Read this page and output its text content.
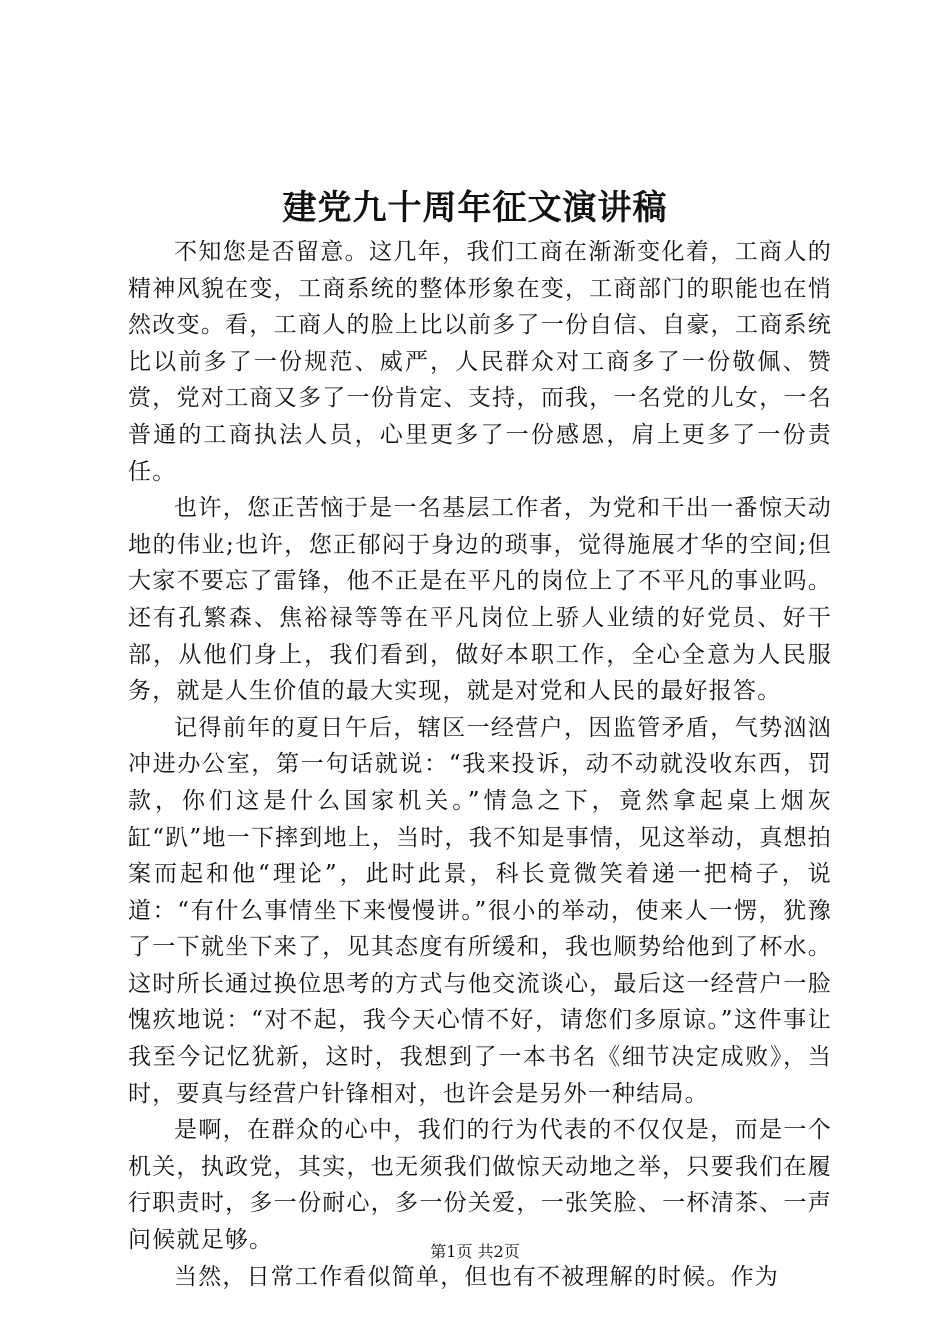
建党九十周年征文演讲稿

不知您是否留意。这几年，我们工商在渐渐变化着，工商人的精神风貌在变，工商系统的整体形象在变，工商部门的职能也在悄然改变。看，工商人的脸上比以前多了一份自信、自豪，工商系统比以前多了一份规范、威严，人民群众对工商多了一份敬佩、赞赏，党对工商又多了一份肯定、支持，而我，一名党的儿女，一名普通的工商执法人员，心里更多了一份感恩，肩上更多了一份责任。

也许，您正苦恼于是一名基层工作者，为党和干出一番惊天动地的伟业;也许，您正郁闷于身边的琐事，觉得施展才华的空间;但大家不要忘了雷锋，他不正是在平凡的岗位上了不平凡的事业吗。还有孔繁森、焦裕禄等等在平凡岗位上骄人业绩的好党员、好干部，从他们身上，我们看到，做好本职工作，全心全意为人民服务，就是人生价值的最大实现，就是对党和人民的最好报答。

记得前年的夏日午后，辖区一经营户，因监管矛盾，气势汹汹冲进办公室，第一句话就说：“我来投诉，动不动就没收东西，罚款，你们这是什么国家机关。”情急之下，竟然拿起桌上烟灰缸“趴”地一下摔到地上，当时，我不知是事情，见这举动，真想拍案而起和他“理论”，此时此景，科长竟微笑着递一把椅子，说道：“有什么事情坐下来慢慢讲。”很小的举动，使来人一愣，犹豫了一下就坐下来了，见其态度有所缓和，我也顺势给他到了杯水。这时所长通过换位思考的方式与他交流谈心，最后这一经营户一脸愧疚地说：“对不起，我今天心情不好，请您们多原谅。”这件事让我至今记忆犹新，这时，我想到了一本书名《细节决定成败》，当时，要真与经营户针锋相对，也许会是另外一种结局。

是啊，在群众的心中，我们的行为代表的不仅仅是，而是一个机关，执政党，其实，也无须我们做惊天动地之举，只要我们在履行职责时，多一份耐心，多一份关爱，一张笑脸、一杯清茶、一声问候就足够。

当然，日常工作看似简单，但也有不被理解的时候。作为

第1页 共2页
